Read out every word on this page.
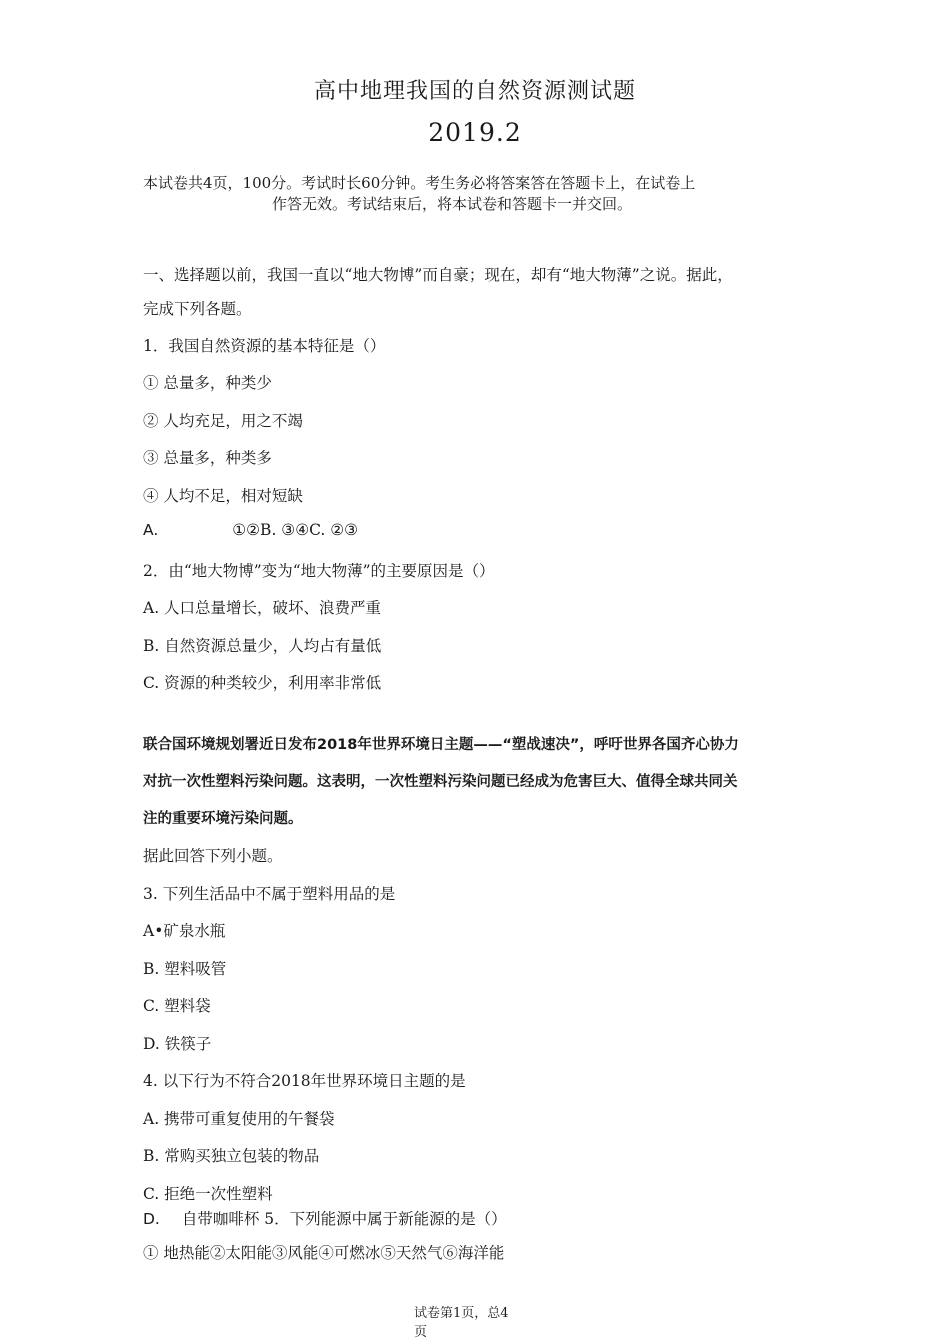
高中地理我国的自然资源测试题
2019.2
本试卷共4页，100分。考试时长60分钟。考生务必将答案答在答题卡上，在试卷上
作答无效。考试结束后，将本试卷和答题卡一并交回。
一、选择题以前，我国一直以“地大物博”而自豪；现在，却有“地大物薄”之说。据此，
完成下列各题。
1．我国自然资源的基本特征是（）
① 总量多，种类少
② 人均充足，用之不竭
③ 总量多，种类多
④ 人均不足，相对短缺
A.	①②B. ③④C. ②③
2．由“地大物博”变为“地大物薄”的主要原因是（）
A. 人口总量增长，破坏、浪费严重
B. 自然资源总量少，人均占有量低
C. 资源的种类较少，利用率非常低
联合国环境规划署近日发布2018年世界环境日主题——“塑战速决”，呼吁世界各国齐心协力
对抗一次性塑料污染问题。这表明，一次性塑料污染问题已经成为危害巨大、值得全球共同关
注的重要环境污染问题。
据此回答下列小题。
3. 下列生活品中不属于塑料用品的是
A•矿泉水瓶
B. 塑料吸管
C. 塑料袋
D. 铁筷子
4. 以下行为不符合2018年世界环境日主题的是
A. 携带可重复使用的午餐袋
B. 常购买独立包装的物品
C. 拒绝一次性塑料
D. 自带咖啡杯 5．下列能源中属于新能源的是（）
① 地热能②太阳能③风能④可燃冰⑤天然气⑥海洋能
试卷第1页，总4
页
